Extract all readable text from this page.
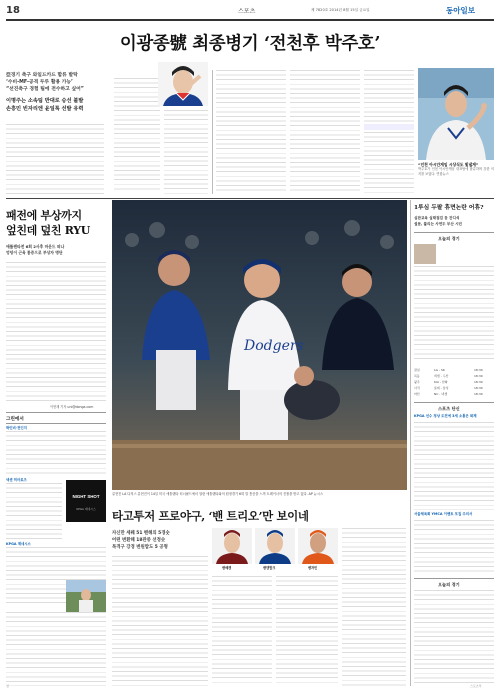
18	스포츠	제 7820호 2014년 8월 15일 금요일	동아일보
이광종號 최종병기 ‘전천후 박주호’
亞경기 축구 와일드카드 합류 발탁
‘수비-MF-공격 두루 활용 가능’
“선진축구 경험 팀에 전수하고 싶어”
이명주는 소속팀 반대로 승선 불발
손흥민 빈자리엔 윤일록 선발 유력
“인천 아시안게임 시상식도 빛낼게”
박주호가 인천 아시안게임 대표팀에 합류하며 강한 의지를 보였다. 연합뉴스
패전에 부상까지
엎친데 덮친 RYU
애틀랜타전 6회 2사후 마운드 떠나
엉덩이 근육 통증으로 부상자 명단
이헌재 기자 uni@donga.com
그린에서
박인비·전인지
넥센 히어로즈
NIGHT SHOT
KPGA 제네시스
KPGA 제네시스
Dodgers
류현진 LA 다저스 류현진이 14일 미국 애틀랜타 터너필드에서 열린 애틀랜타와의 원정경기 6회 말 통증을 느껴 트레이너의 진찰을 받고 있다. AP 뉴시스
타고투저 프로야구, ‘밴 트리오’만 보이네
자신만 세웨 51 밴해의 5경숫
어떤 변환해 18관중 선정숫
목격구 강경 변원밥도 5 공형
밴헤켄	밴덴헐크	벤자민
1루심 두팔 휴면논란 어휴?
심판교육 실태점검 등 잔디석
설문, 불리는 사연두 부산 시민
오늘의 경기
잠실	LG - SK	18:30
목동	넥센 - 두산	18:30
광주	KIA - 한화	18:30
사직	롯데 - 삼성	18:30
마산	NC - 넥센	18:30
스포츠 단신
KPGA 선수 정상 도전에 3세 소통은 화제
서울체육회 YMCA 이벤트 모집 주의서
오늘의 경기
김	스포츠부
